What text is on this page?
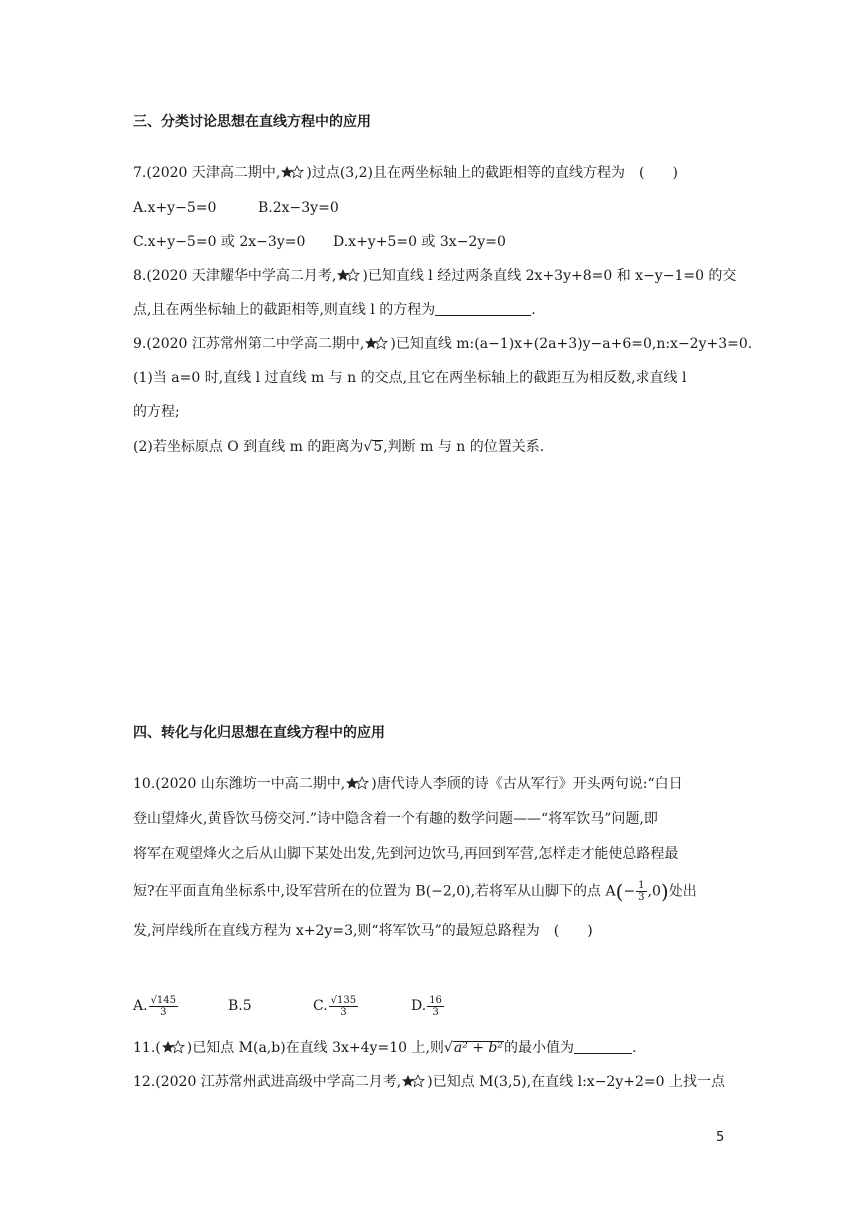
三、分类讨论思想在直线方程中的应用
7.(2020 天津高二期中, )过点(3,2)且在两坐标轴上的截距相等的直线方程为　(　　)
A.x+y−5=0	B.2x−3y=0
C.x+y−5=0 或 2x−3y=0 D.x+y+5=0 或 3x−2y=0
8.(2020 天津耀华中学高二月考, )已知直线 l 经过两条直线 2x+3y+8=0 和 x−y−1=0 的交
点,且在两坐标轴上的截距相等,则直线 l 的方程为	.
9.(2020 江苏常州第二中学高二期中, )已知直线 m:(a−1)x+(2a+3)y−a+6=0,n:x−2y+3=0.
(1)当 a=0 时,直线 l 过直线 m 与 n 的交点,且它在两坐标轴上的截距互为相反数,求直线 l
的方程;
(2)若坐标原点 O 到直线 m 的距离为√5,判断 m 与 n 的位置关系.
四、转化与化归思想在直线方程中的应用
10.(2020 山东潍坊一中高二期中, )唐代诗人李颀的诗《古从军行》开头两句说:“白日
登山望烽火,黄昏饮马傍交河.”诗中隐含着一个有趣的数学问题——“将军饮马”问题,即
将军在观望烽火之后从山脚下某处出发,先到河边饮马,再回到军营,怎样走才能使总路程最
短?在平面直角坐标系中,设军营所在的位置为 B(−2,0),若将军从山脚下的点 $A(- \frac{1}{3} ,0)$处出
发,河岸线所在直线方程为 x+2y=3,则“将军饮马”的最短总路程为　(　　)
A. $\frac{√145}{3}$	B.5	C. $\frac{√135}{3}$	D. $\frac{16}{3}$
11.( )已知点 M(a,b)在直线 3x+4y=10 上,则√a² + b²的最小值为	.
12.(2020 江苏常州武进高级中学高二月考, )已知点 M(3,5),在直线 l:x−2y+2=0 上找一点
5
